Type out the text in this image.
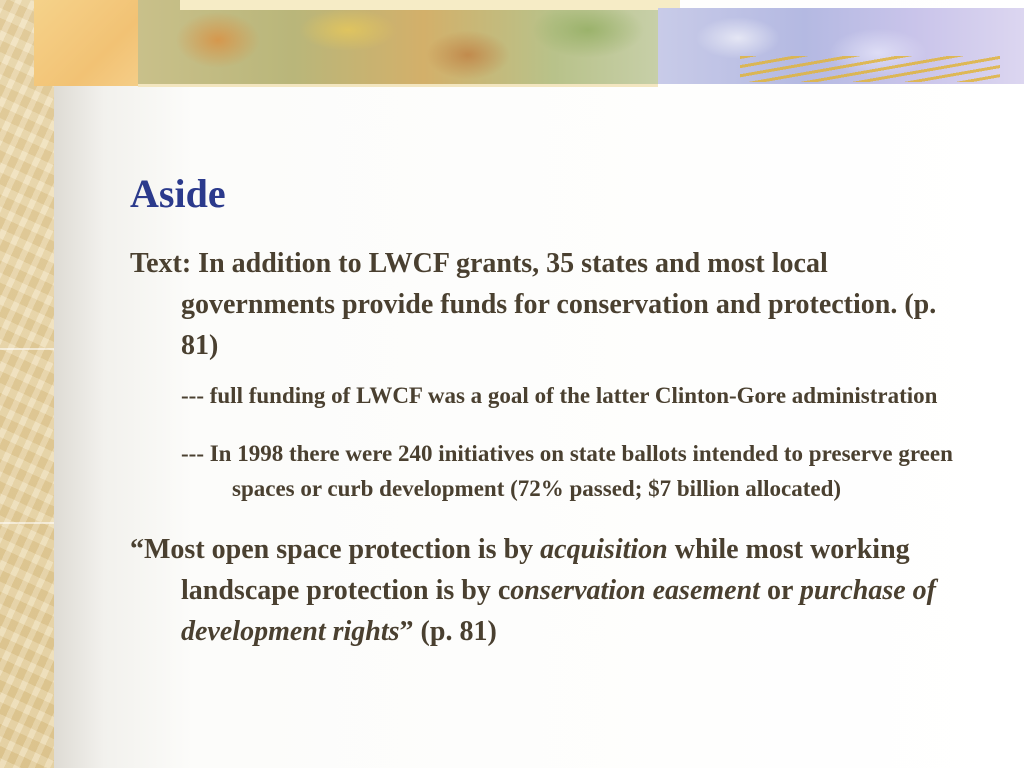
Aside

Text: In addition to LWCF grants, 35 states and most local governments provide funds for conservation and protection. (p. 81)

--- full funding of LWCF was a goal of the latter Clinton-Gore administration

--- In 1998 there were 240 initiatives on state ballots intended to preserve green spaces or curb development (72% passed; $7 billion allocated)

“Most open space protection is by acquisition while most working landscape protection is by conservation easement or purchase of development rights” (p. 81)
